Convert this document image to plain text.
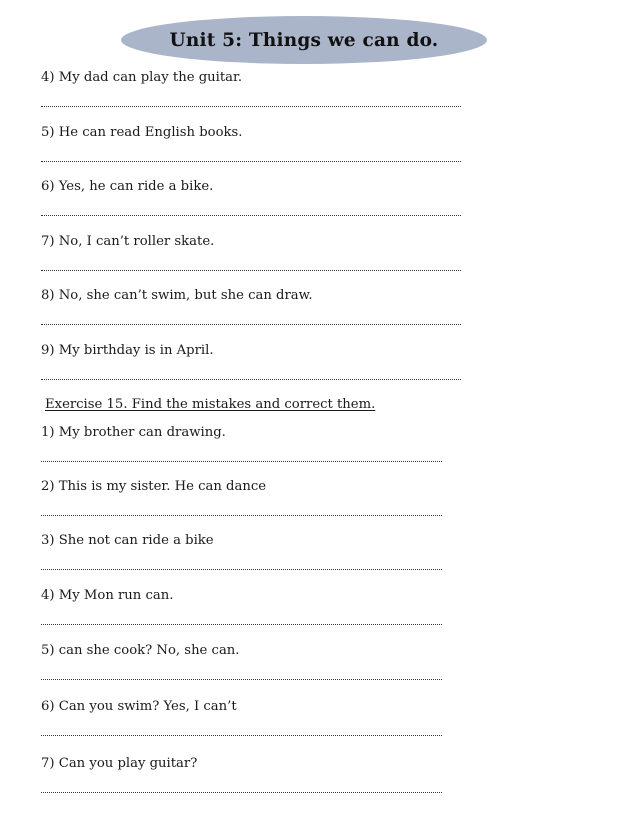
Unit 5: Things we can do.
4) My dad can play the guitar.
5) He can read English books.
6) Yes, he can ride a bike.
7) No, I can’t roller skate.
8) No, she can’t swim, but she can draw.
9) My birthday is in April.
Exercise 15. Find the mistakes and correct them.
1) My brother can drawing.
2) This is my sister. He can dance
3) She not can ride a bike
4) My Mon run can.
5) can she cook? No, she can.
6) Can you swim? Yes, I can’t
7) Can you play guitar?
